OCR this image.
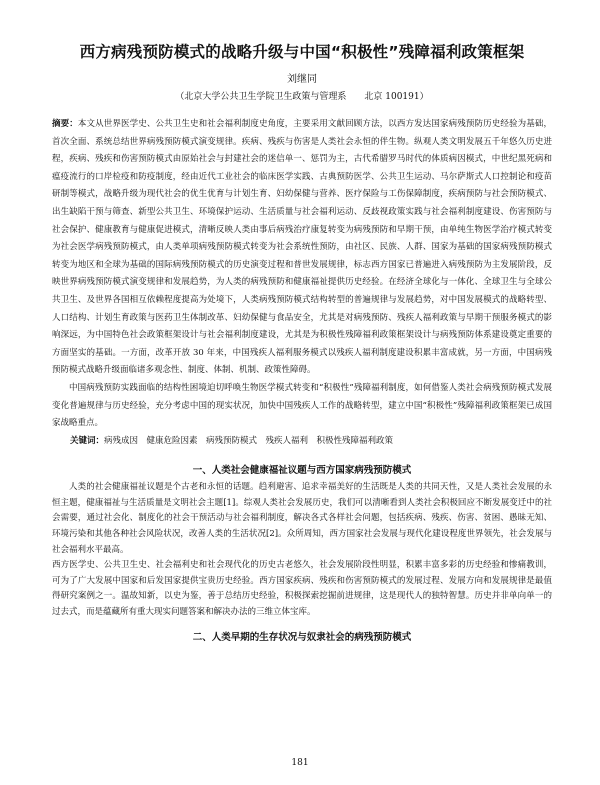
西方病残预防模式的战略升级与中国“积极性”残障福利政策框架

刘继同

（北京大学公共卫生学院卫生政策与管理系　　北京 100191）

摘要：本文从世界医学史、公共卫生史和社会福利制度史角度，主要采用文献回顾方法，以西方发达国家病残预防历史经验为基础，首次全面、系统总结世界病残预防模式演变规律。疾病、残疾与伤害是人类社会永恒的伴生物。纵观人类文明发展五千年悠久历史进程，疾病、残疾和伤害预防模式由原始社会与封建社会的迷信单一、惩罚为主，古代希腊罗马时代的体质病因模式，中世纪黑死病和瘟疫流行的口岸检疫和防疫制度，经由近代工业社会的临床医学实践、古典预防医学、公共卫生运动、马尔萨斯式人口控制论和疫苗研制等模式，战略升级为现代社会的优生优育与计划生育、妇幼保健与营养、医疗保险与工伤保障制度，疾病预防与社会预防模式、出生缺陷干预与筛查、新型公共卫生、环境保护运动、生活质量与社会福利运动、反歧视政策实践与社会福利制度建设、伤害预防与社会保护、健康教育与健康促进模式，清晰反映人类由事后病残治疗康复转变为病残预防和早期干预，由单纯生物医学治疗模式转变为社会医学病残预防模式，由人类单项病残预防模式转变为社会系统性预防，由社区、民族、人群、国家为基础的国家病残预防模式转变为地区和全球为基础的国际病残预防模式的历史演变过程和普世发展规律，标志西方国家已普遍进入病残预防为主发展阶段，反映世界病残预防模式演变规律和发展趋势，为人类的病残预防和健康福祉提供历史经验。在经济全球化与一体化、全球卫生与全球公共卫生、及世界各国相互依赖程度提高为处境下，人类病残预防模式结构转型的普遍规律与发展趋势，对中国发展模式的战略转型、人口结构、计划生育政策与医药卫生体制改革、妇幼保健与食品安全，尤其是对病残预防、残疾人福利政策与早期干预服务模式的影响深远，为中国特色社会政策框架设计与社会福利制度建设，尤其是为积极性残障福利政策框架设计与病残预防体系建设奠定重要的方面坚实的基础。一方面，改革开放 30 年来，中国残疾人福利服务模式以残疾人福利制度建设积累丰富成就，另一方面，中国病残预防模式战略升级面临诸多观念性、制度、体制、机制、政策性障碍。

中国病残预防实践面临的结构性困境迫切呼唤生物医学模式转变和“积极性”残障福利制度，如何借鉴人类社会病残预防模式发展变化普遍规律与历史经验，充分考虑中国的现实状况，加快中国残疾人工作的战略转型，建立中国“积极性”残障福利政策框架已成国家战略重点。

关键词：病残成因　健康危险因素　病残预防模式　残疾人福利　积极性残障福利政策

一、人类社会健康福祉议题与西方国家病残预防模式

人类的社会健康福祉议题是个古老和永恒的话题。趋利避害、追求幸福美好的生活既是人类的共同天性，又是人类社会发展的永恒主题，健康福祉与生活质量是文明社会主题[1]。综观人类社会发展历史，我们可以清晰看到人类社会积极回应不断发展变迁中的社会需要，通过社会化、制度化的社会干预活动与社会福利制度，解决各式各样社会问题，包括疾病、残疾、伤害、贫困、愚昧无知、环境污染和其他各种社会风险状况，改善人类的生活状况[2]。众所周知，西方国家社会发展与现代化建设程度世界领先，社会发展与社会福利水平最高。

西方医学史、公共卫生史、社会福利史和社会现代化的历史古老悠久，社会发展阶段性明显，积累丰富多彩的历史经验和惨痛教训，可为了广大发展中国家和后发国家提供宝贵历史经验。西方国家疾病、残疾和伤害预防模式的发展过程、发展方向和发展规律是最值得研究案例之一。温故知新，以史为鉴，善于总结历史经验，积极探索挖掘前进规律，这是现代人的独特智慧。历史并非单向单一的过去式，而是蕴藏所有重大现实问题答案和解决办法的三维立体宝库。

二、人类早期的生存状况与奴隶社会的病残预防模式
181
